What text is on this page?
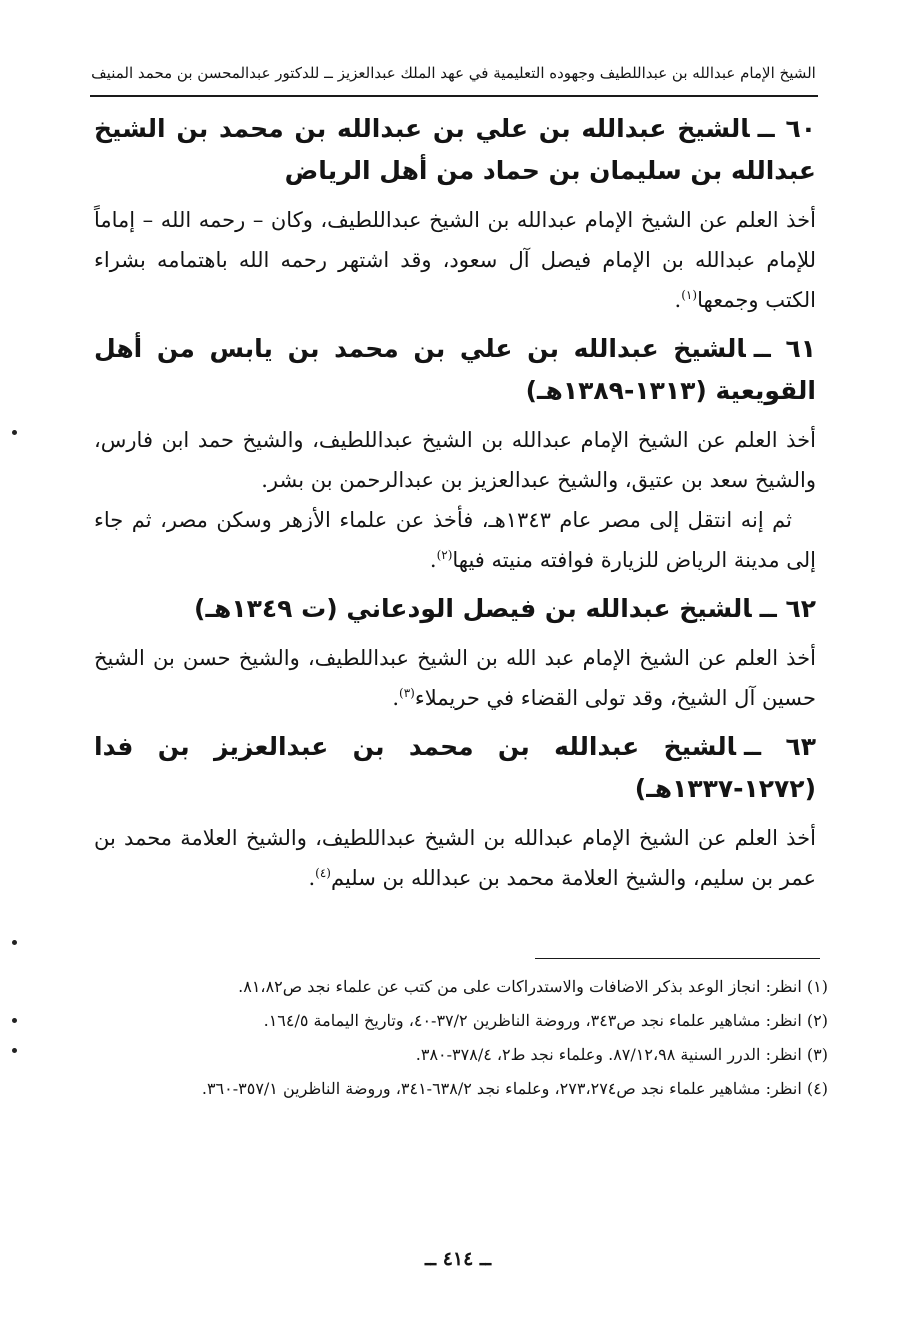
الشيخ الإمام عبدالله بن عبداللطيف وجهوده التعليمية في عهد الملك عبدالعزيز ــ للدكتور عبدالمحسن بن محمد المنيف
٦٠ ــالشيخ عبدالله بن علي بن عبدالله بن محمد بن الشيخ عبدالله بن سليمان بن حماد من أهل الرياض

أخذ العلم عن الشيخ الإمام عبدالله بن الشيخ عبداللطيف، وكان – رحمه الله – إماماً للإمام عبدالله بن الإمام فيصل آل سعود، وقد اشتهر رحمه الله باهتمامه بشراء الكتب وجمعها$^{(١)}$.

٦١ ــالشيخ عبدالله بن علي بن محمد بن يابس من أهل القويعية (١٣١٣-١٣٨٩هـ)

أخذ العلم عن الشيخ الإمام عبدالله بن الشيخ عبداللطيف، والشيخ حمد ابن فارس، والشيخ سعد بن عتيق، والشيخ عبدالعزيز بن عبدالرحمن بن بشر.

ثم إنه انتقل إلى مصر عام ١٣٤٣هـ، فأخذ عن علماء الأزهر وسكن مصر، ثم جاء إلى مدينة الرياض للزيارة فوافته منيته فيها$^{(٢)}$.

٦٢ ــالشيخ عبدالله بن فيصل الودعاني (ت ١٣٤٩هـ)

أخذ العلم عن الشيخ الإمام عبد الله بن الشيخ عبداللطيف، والشيخ حسن بن الشيخ حسين آل الشيخ، وقد تولى القضاء في حريملاء$^{(٣)}$.

٦٣ ــالشيخ عبدالله بن محمد بن عبدالعزيز بن فدا (١٢٧٢-١٣٣٧هـ)

أخذ العلم عن الشيخ الإمام عبدالله بن الشيخ عبداللطيف، والشيخ العلامة محمد بن عمر بن سليم، والشيخ العلامة محمد بن عبدالله بن سليم$^{(٤)}$.

(١) انظر: انجاز الوعد بذكر الاضافات والاستدراكات على من كتب عن علماء نجد ص٨١،٨٢.

(٢) انظر: مشاهير علماء نجد ص٣٤٣، وروضة الناظرين ٣٧/٢-٤٠، وتاريخ اليمامة ١٦٤/٥.

(٣) انظر: الدرر السنية ٨٧/١٢،٩٨. وعلماء نجد ط٢، ٣٧٨/٤-٣٨٠.

(٤) انظر: مشاهير علماء نجد ص٢٧٣،٢٧٤، وعلماء نجد ٦٣٨/٢-٣٤١، وروضة الناظرين ٣٥٧/١-٣٦٠.

ــ ٤١٤ ــ
